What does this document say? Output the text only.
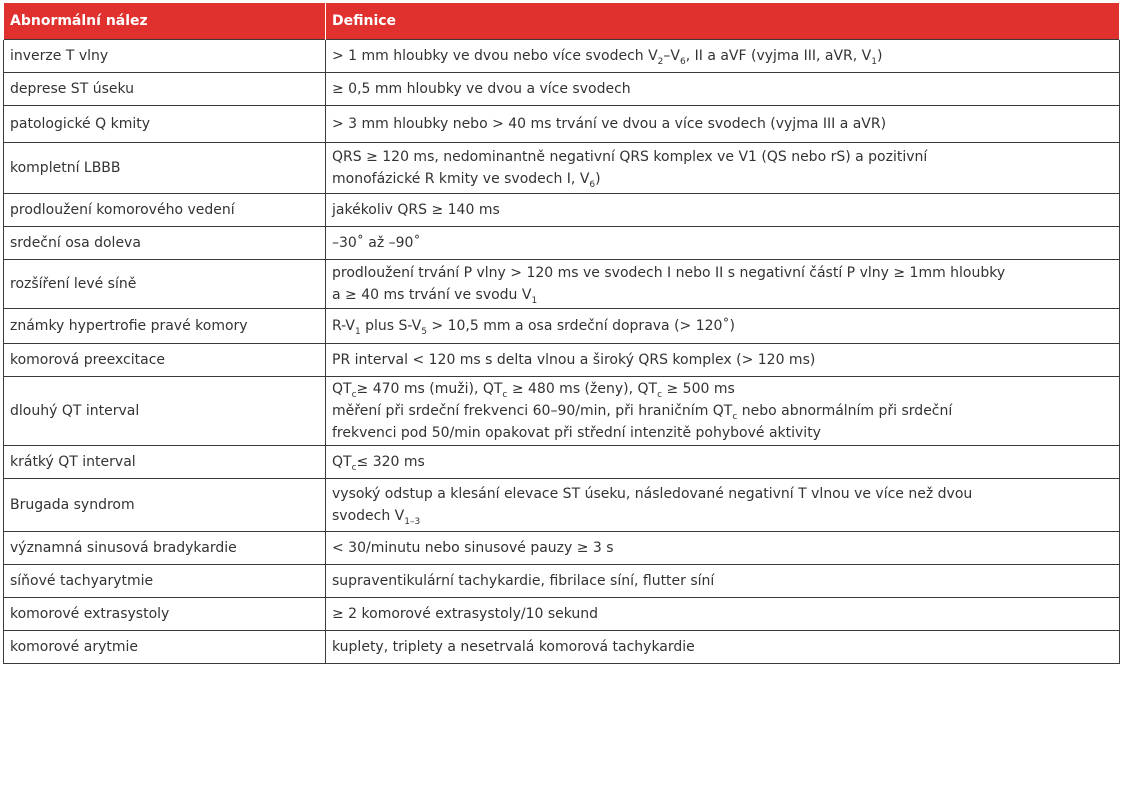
Abnormální nález	Definice
inverze T vlny	> 1 mm hloubky ve dvou nebo více svodech $V_2-V_6$, II a aVF (vyjma III, aVR, $V_1$)

deprese ST úseku	≥ 0,5 mm hloubky ve dvou a více svodech

patologické Q kmity	> 3 mm hloubky nebo > 40 ms trvání ve dvou a více svodech (vyjma III a aVR)

kompletní LBBB	QRS ≥ 120 ms, nedominantně negativní QRS komplex ve V1 (QS nebo rS) a pozitivní
monofázické R kmity ve svodech I, $V_6$)

prodloužení komorového vedení	jakékoliv QRS ≥ 140 ms

srdeční osa doleva	–30˚ až –90˚

rozšíření levé síně	prodloužení trvání P vlny > 120 ms ve svodech I nebo II s negativní částí P vlny ≥ 1mm hloubky
a ≥ 40 ms trvání ve svodu $V_1$

známky hypertrofie pravé komory	$R-V_1$ plus $S-V_5 > 10,5$ mm a osa srdeční doprava (> 120˚)

komorová preexcitace	PR interval < 120 ms s delta vlnou a široký QRS komplex (> 120 ms)

dlouhý QT interval	$QT_c\ge 470$ ms (muži), $QT_c \ge 480$ ms (ženy), $QT_c \ge 500$ ms
měření při srdeční frekvenci 60–90/min, při hraničním $QT_c$ nebo abnormálním při srdeční
frekvenci pod 50/min opakovat při střední intenzitě pohybové aktivity

krátký QT interval	$QT_c\le 320$ ms

Brugada syndrom	vysoký odstup a klesání elevace ST úseku, následované negativní T vlnou ve více než dvou
svodech $V_{1-3}$

významná sinusová bradykardie	< 30/minutu nebo sinusové pauzy ≥ 3 s

síňové tachyarytmie	supraventikulární tachykardie, fibrilace síní, flutter síní

komorové extrasystoly	≥ 2 komorové extrasystoly/10 sekund

komorové arytmie	kuplety, triplety a nesetrvalá komorová tachykardie
